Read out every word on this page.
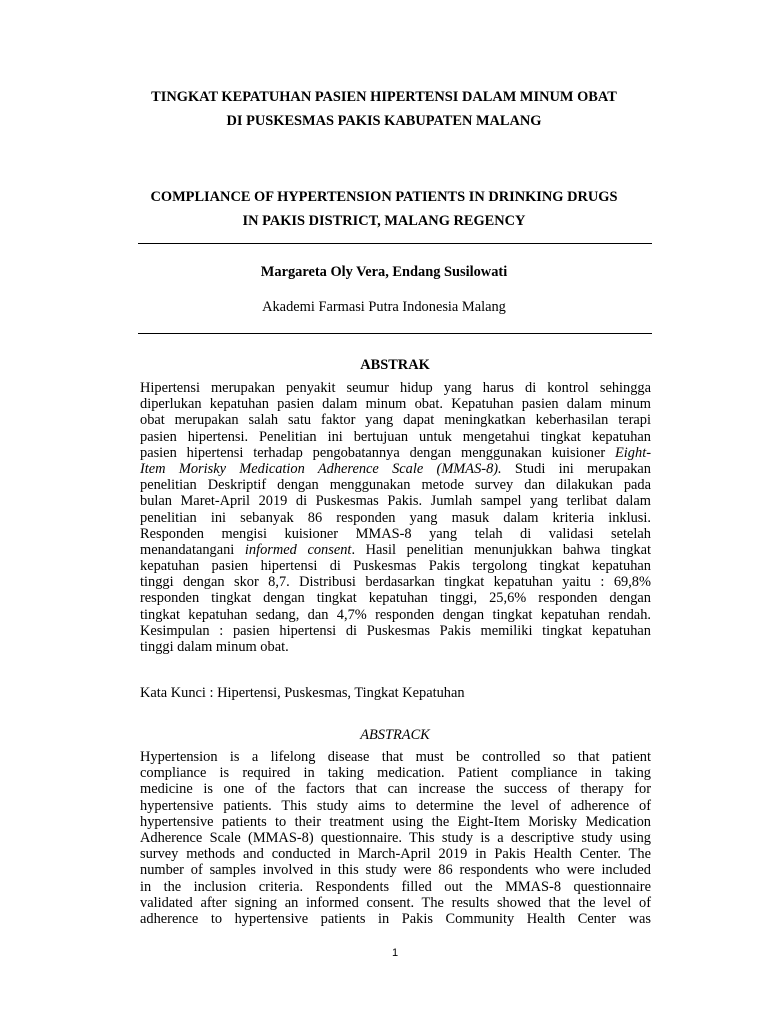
TINGKAT KEPATUHAN PASIEN HIPERTENSI DALAM MINUM OBAT
DI PUSKESMAS PAKIS KABUPATEN MALANG
COMPLIANCE OF HYPERTENSION PATIENTS IN DRINKING DRUGS
IN PAKIS DISTRICT, MALANG REGENCY
Margareta Oly Vera, Endang Susilowati
Akademi Farmasi Putra Indonesia Malang
ABSTRAK
Hipertensi merupakan penyakit seumur hidup yang harus di kontrol sehingga
diperlukan kepatuhan pasien dalam minum obat. Kepatuhan pasien dalam minum
obat merupakan salah satu faktor yang dapat meningkatkan keberhasilan terapi
pasien hipertensi. Penelitian ini bertujuan untuk mengetahui tingkat kepatuhan
pasien hipertensi terhadap pengobatannya dengan menggunakan kuisioner Eight-
Item Morisky Medication Adherence Scale (MMAS-8). Studi ini merupakan
penelitian Deskriptif dengan menggunakan metode survey dan dilakukan pada
bulan Maret-April 2019 di Puskesmas Pakis. Jumlah sampel yang terlibat dalam
penelitian ini sebanyak 86 responden yang masuk dalam kriteria inklusi.
Responden mengisi kuisioner MMAS-8 yang telah di validasi setelah
menandatangani informed consent. Hasil penelitian menunjukkan bahwa tingkat
kepatuhan pasien hipertensi di Puskesmas Pakis tergolong tingkat kepatuhan
tinggi dengan skor 8,7. Distribusi berdasarkan tingkat kepatuhan yaitu : 69,8%
responden tingkat dengan tingkat kepatuhan tinggi, 25,6% responden dengan
tingkat kepatuhan sedang, dan 4,7% responden dengan tingkat kepatuhan rendah.
Kesimpulan : pasien hipertensi di Puskesmas Pakis memiliki tingkat kepatuhan
tinggi dalam minum obat.
Kata Kunci : Hipertensi, Puskesmas, Tingkat Kepatuhan
ABSTRACK
Hypertension is a lifelong disease that must be controlled so that patient
compliance is required in taking medication. Patient compliance in taking
medicine is one of the factors that can increase the success of therapy for
hypertensive patients. This study aims to determine the level of adherence of
hypertensive patients to their treatment using the Eight-Item Morisky Medication
Adherence Scale (MMAS-8) questionnaire. This study is a descriptive study using
survey methods and conducted in March-April 2019 in Pakis Health Center. The
number of samples involved in this study were 86 respondents who were included
in the inclusion criteria. Respondents filled out the MMAS-8 questionnaire
validated after signing an informed consent. The results showed that the level of
adherence to hypertensive patients in Pakis Community Health Center was
1
